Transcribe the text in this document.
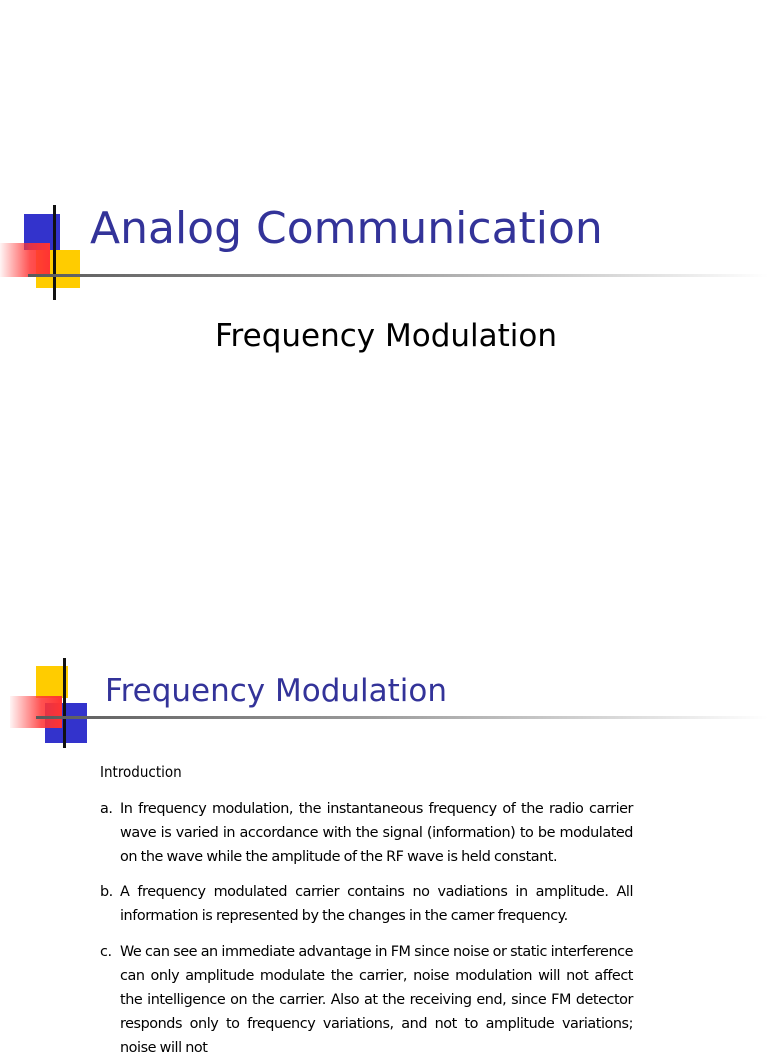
Analog Communication
Frequency Modulation
Frequency Modulation
Introduction
a. In frequency modulation, the instantaneous frequency of the radio carrier wave is varied in accordance with the signal (information) to be modulated on the wave while the amplitude of the RF wave is held constant.
b. A frequency modulated carrier contains no vadiations in amplitude. All information is represented by the changes in the camer frequency.
c. We can see an immediate advantage in FM since noise or static interference can only amplitude modulate the carrier, noise modulation will not affect the intelligence on the carrier. Also at the receiving end, since FM detector responds only to frequency variations, and not to amplitude variations; noise will not
